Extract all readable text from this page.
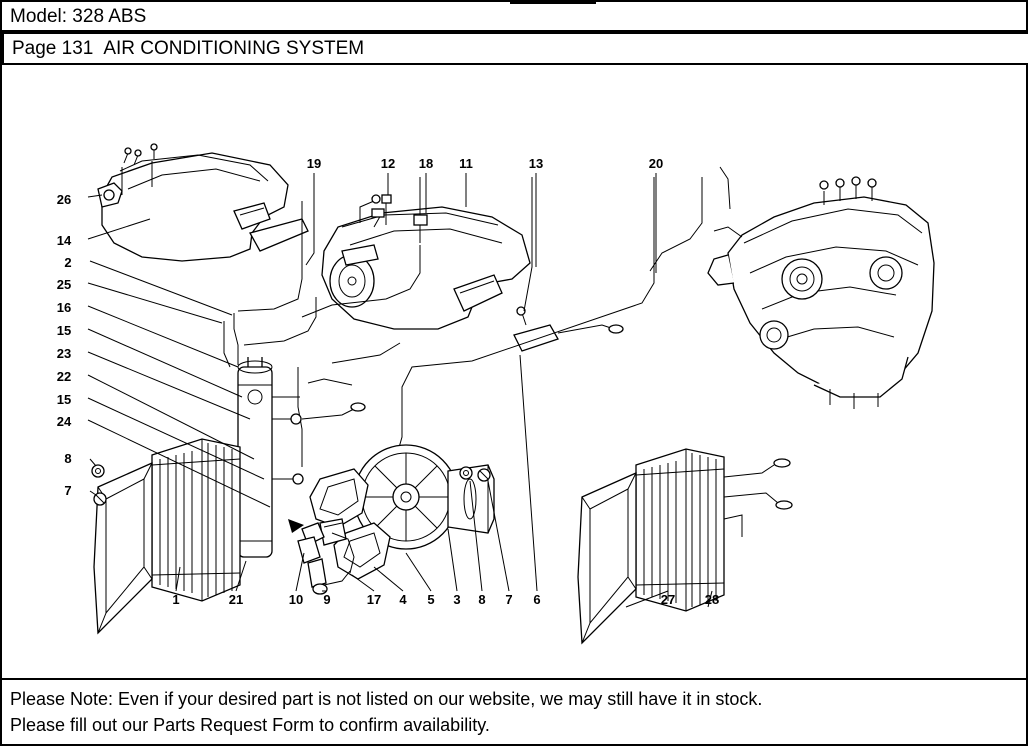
Model: 328 ABS
Page 131 AIR CONDITIONING SYSTEM
26
14
2
25
16
15
23
22
15
24
8
7
19	12 18 11	13	20
1	21	10 9	17 4 5 3 8 7 6	27 28
Please Note: Even if your desired part is not listed on our website, we may still have it in stock.
Please fill out our Parts Request Form to confirm availability.
